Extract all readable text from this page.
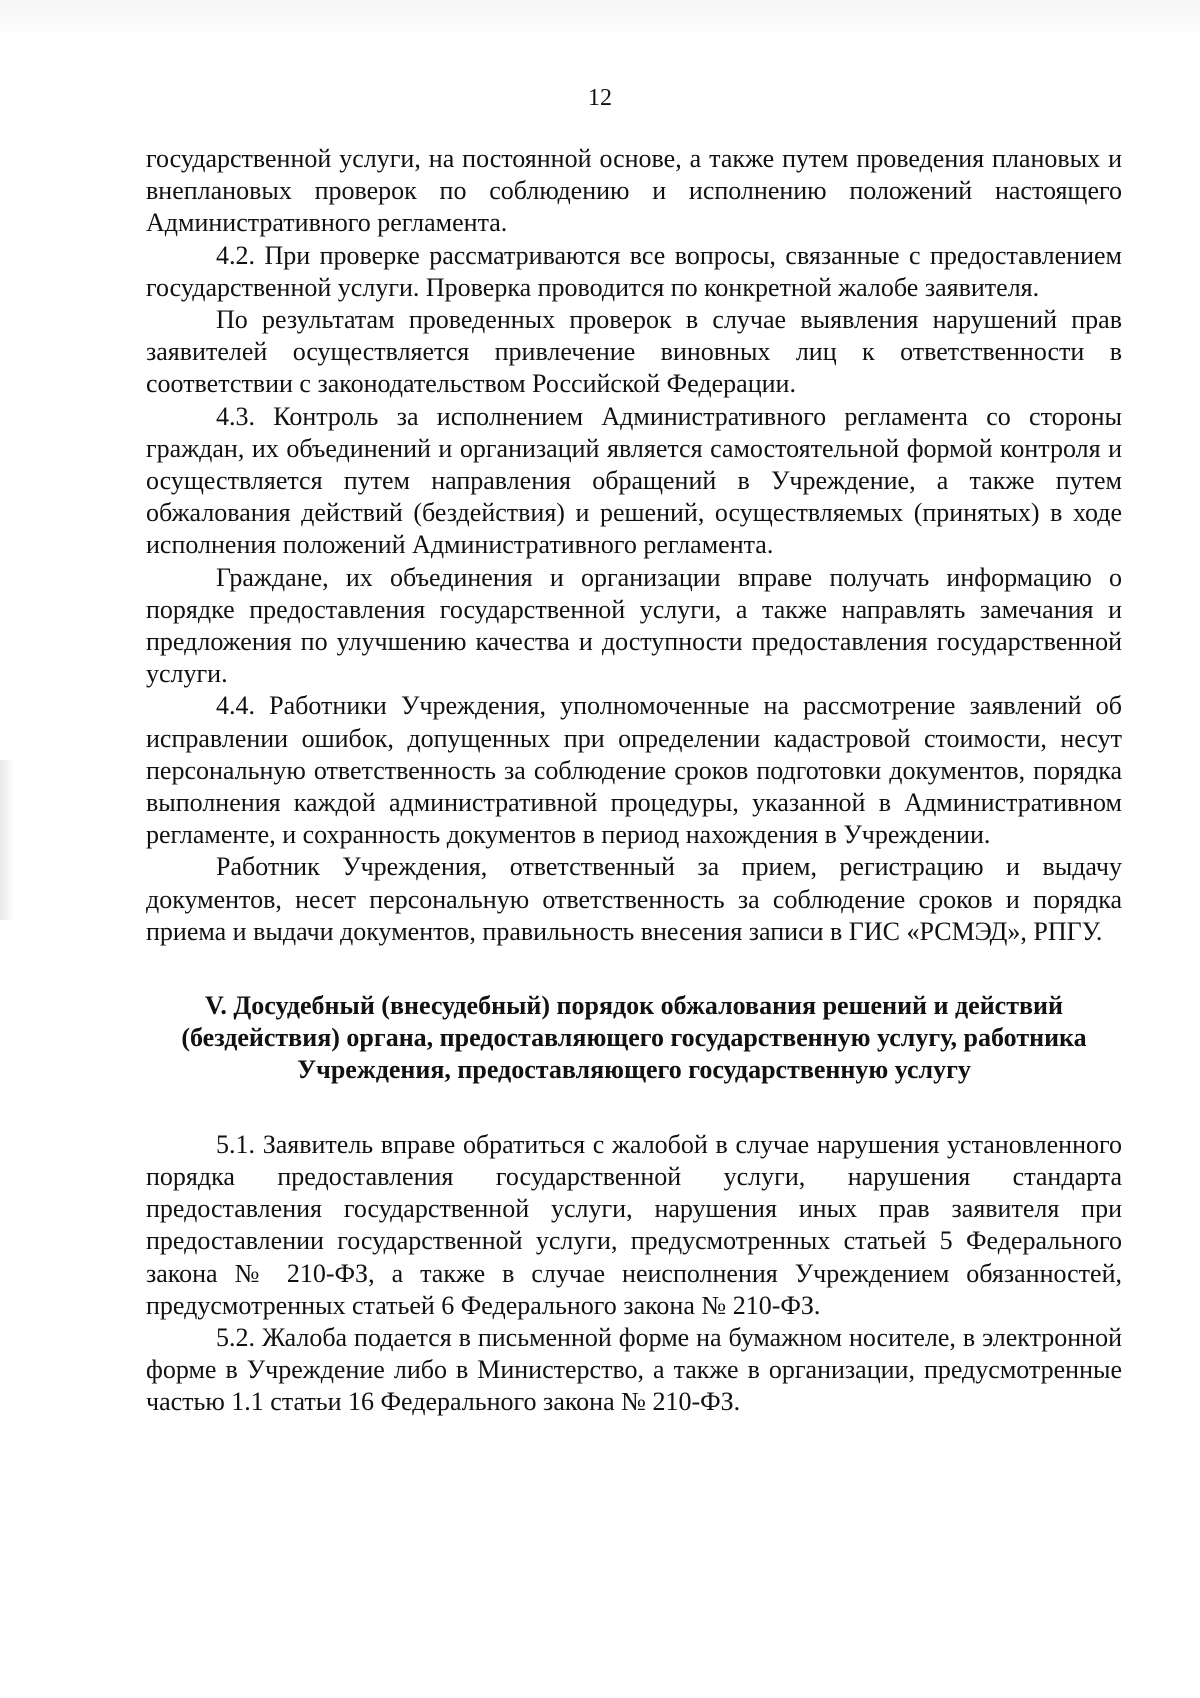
12

государственной услуги, на постоянной основе, а также путем проведения плановых и внеплановых проверок по соблюдению и исполнению положений настоящего Административного регламента.

4.2. При проверке рассматриваются все вопросы, связанные с предоставлением государственной услуги. Проверка проводится по конкретной жалобе заявителя.

По результатам проведенных проверок в случае выявления нарушений прав заявителей осуществляется привлечение виновных лиц к ответственности в соответствии с законодательством Российской Федерации.

4.3. Контроль за исполнением Административного регламента со стороны граждан, их объединений и организаций является самостоятельной формой контроля и осуществляется путем направления обращений в Учреждение, а также путем обжалования действий (бездействия) и решений, осуществляемых (принятых) в ходе исполнения положений Административного регламента.

Граждане, их объединения и организации вправе получать информацию о порядке предоставления государственной услуги, а также направлять замечания и предложения по улучшению качества и доступности предоставления государственной услуги.

4.4. Работники Учреждения, уполномоченные на рассмотрение заявлений об исправлении ошибок, допущенных при определении кадастровой стоимости, несут персональную ответственность за соблюдение сроков подготовки документов, порядка выполнения каждой административной процедуры, указанной в Административном регламенте, и сохранность документов в период нахождения в Учреждении.

Работник Учреждения, ответственный за прием, регистрацию и выдачу документов, несет персональную ответственность за соблюдение сроков и порядка приема и выдачи документов, правильность внесения записи в ГИС «РСМЭД», РПГУ.

V. Досудебный (внесудебный) порядок обжалования решений и действий (бездействия) органа, предоставляющего государственную услугу, работника Учреждения, предоставляющего государственную услугу

5.1. Заявитель вправе обратиться с жалобой в случае нарушения установленного порядка предоставления государственной услуги, нарушения стандарта предоставления государственной услуги, нарушения иных прав заявителя при предоставлении государственной услуги, предусмотренных статьей 5 Федерального закона № 210-ФЗ, а также в случае неисполнения Учреждением обязанностей, предусмотренных статьей 6 Федерального закона № 210-ФЗ.

5.2. Жалоба подается в письменной форме на бумажном носителе, в электронной форме в Учреждение либо в Министерство, а также в организации, предусмотренные частью 1.1 статьи 16 Федерального закона № 210-ФЗ.
